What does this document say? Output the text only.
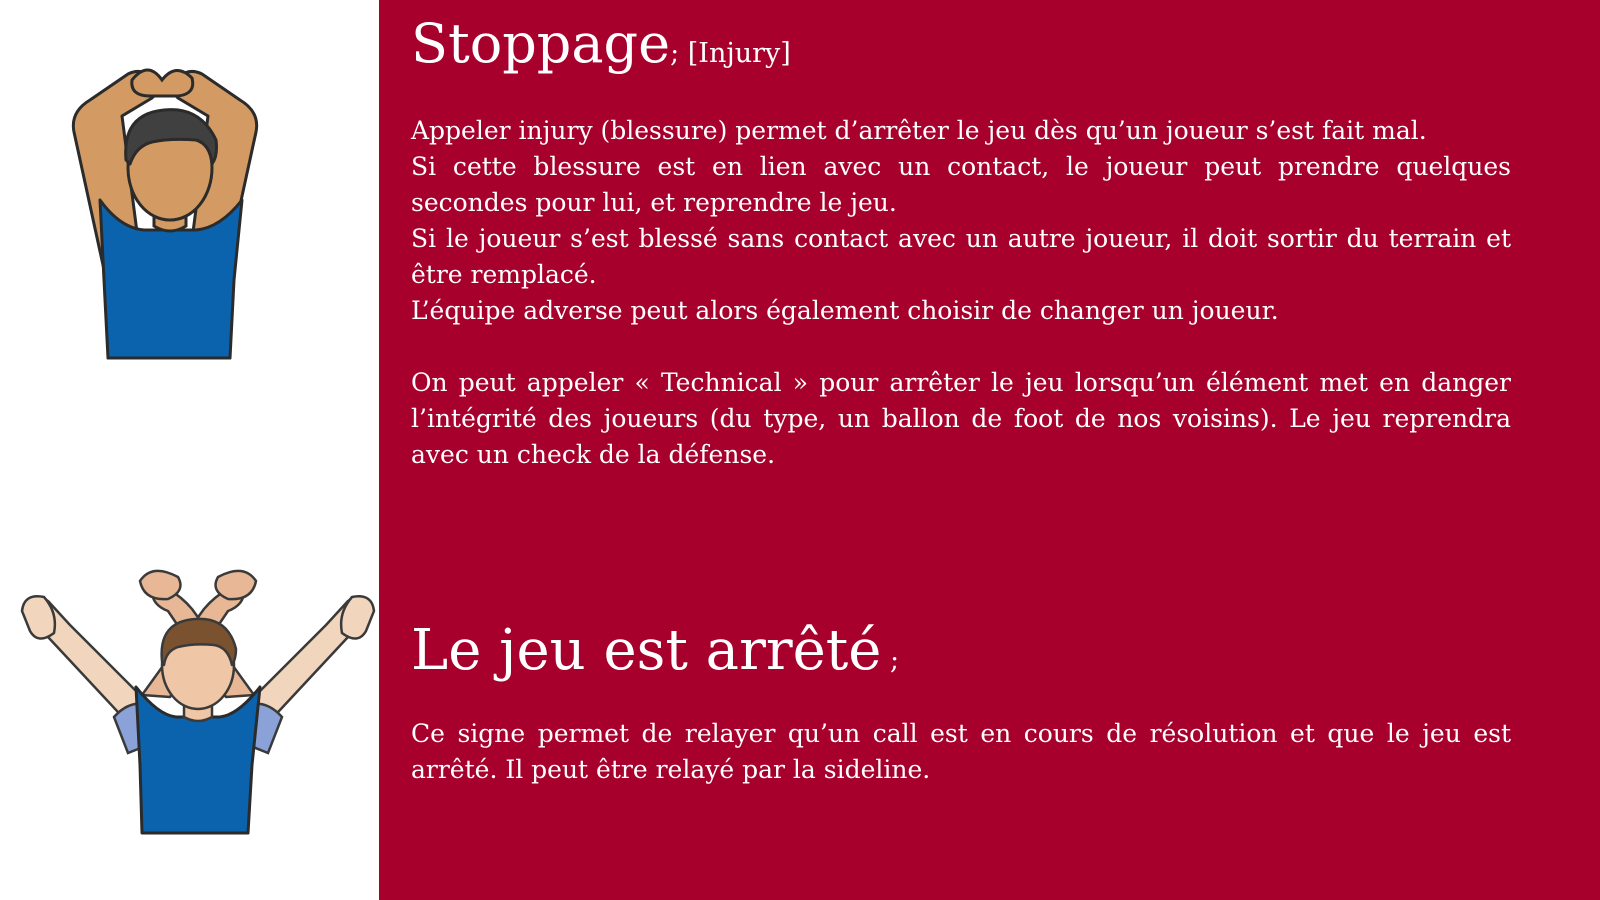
Stoppage; [Injury]

Appeler injury (blessure) permet d’arrêter le jeu dès qu’un joueur s’est fait mal.

Si cette blessure est en lien avec un contact, le joueur peut prendre quelques secondes pour lui, et reprendre le jeu.

Si le joueur s’est blessé sans contact avec un autre joueur, il doit sortir du terrain et être remplacé.

L’équipe adverse peut alors également choisir de changer un joueur.

On peut appeler « Technical » pour arrêter le jeu lorsqu’un élément met en danger l’intégrité des joueurs (du type, un ballon de foot de nos voisins). Le jeu reprendra avec un check de la défense.

Le jeu est arrêté ;

Ce signe permet de relayer qu’un call est en cours de résolution et que le jeu est arrêté. Il peut être relayé par la sideline.
